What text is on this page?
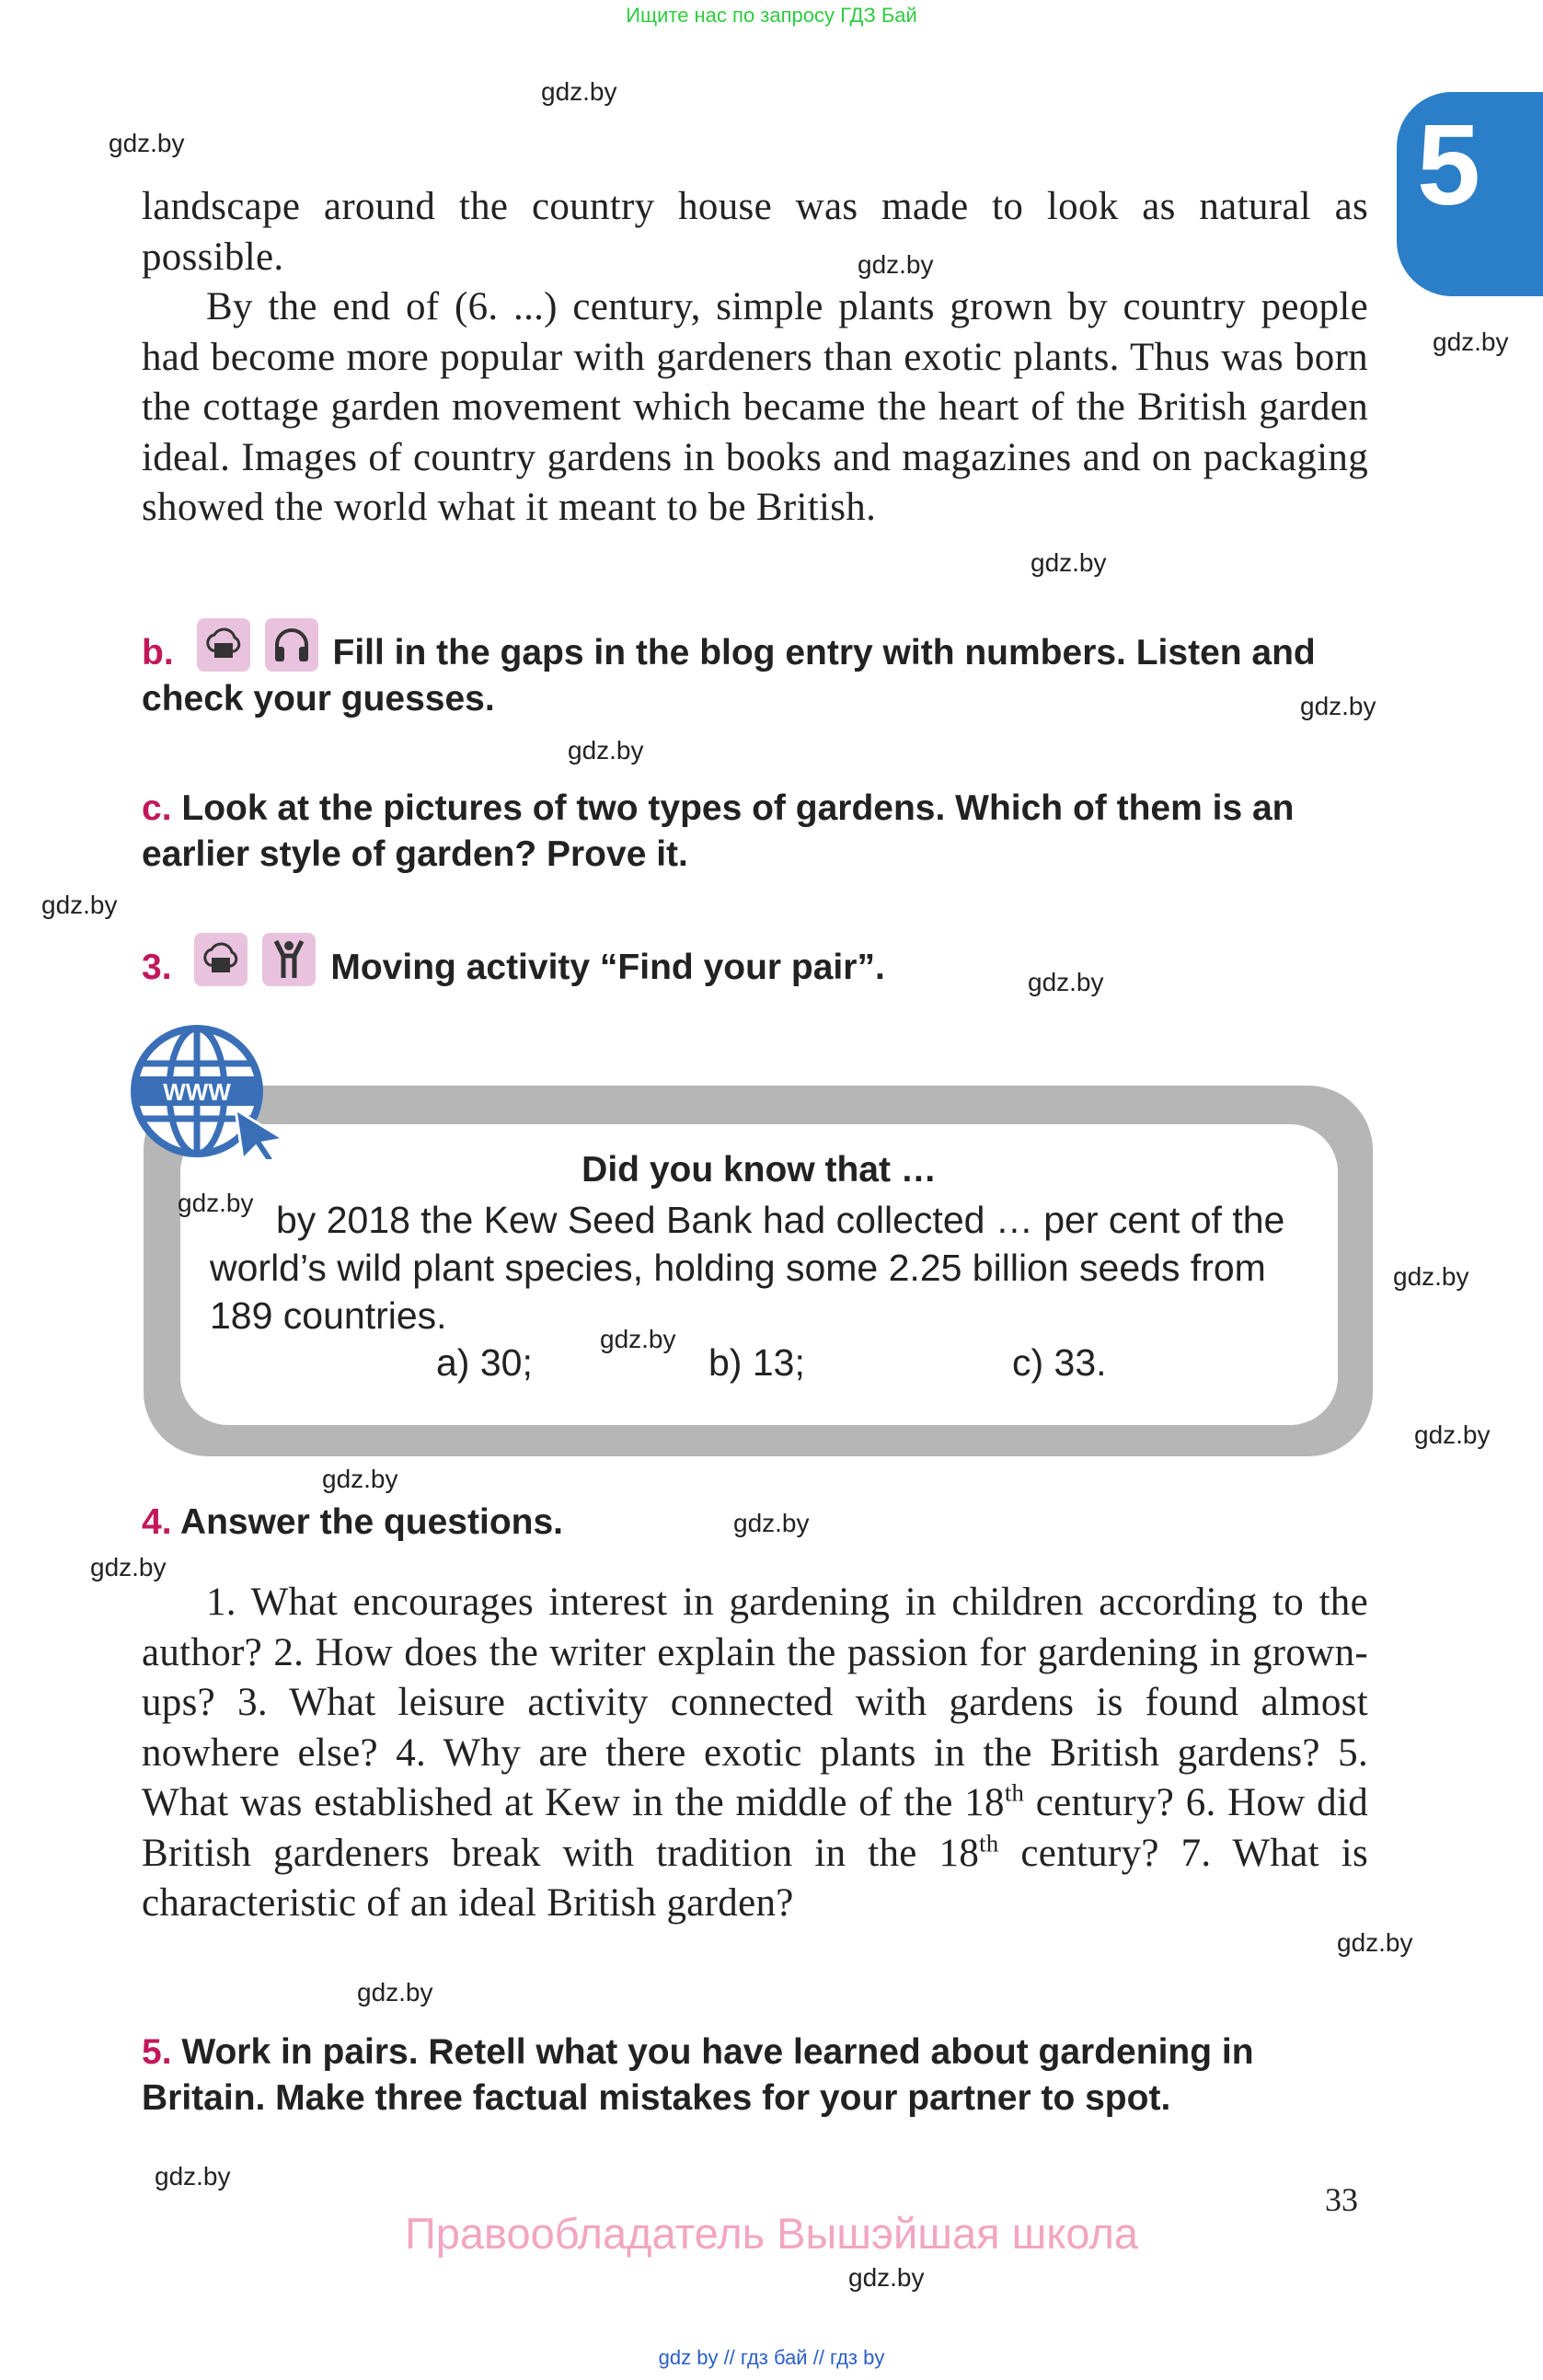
Ищите нас по запросу ГДЗ Бай
5
gdz.by
gdz.by
gdz.by
gdz.by
gdz.by
gdz.by
gdz.by
gdz.by
gdz.by
gdz.by
gdz.by
gdz.by
gdz.by
gdz.by
gdz.by
gdz.by
gdz.by
gdz.by
landscape around the country house was made to look as natural as possible.
By the end of (6. ...) century, simple plants grown by country people had become more popular with gardeners than exotic plants. Thus was born the cottage garden movement which became the heart of the British garden ideal. Images of country gardens in books and magazines and on packaging showed the world what it meant to be British.
b.	Fill in the gaps in the blog entry with numbers. Listen and check your guesses.
c. Look at the pictures of two types of gardens. Which of them is an earlier style of garden? Prove it.
3.	Moving activity “Find your pair”.
WWW
Did you know that …
by 2018 the Kew Seed Bank had collected … per cent of the world’s wild plant species, holding some 2.25 billion seeds from 189 countries.
gdz.by
gdz.by
a) 30;	b) 13;	c) 33.
4. Answer the questions.
1. What encourages interest in gardening in children according to the author? 2. How does the writer explain the passion for gardening in grown-ups? 3. What leisure activity connected with gardens is found almost nowhere else? 4. Why are there exotic plants in the British gardens? 5. What was established at Kew in the middle of the 18th century? 6. How did British gardeners break with tradition in the 18th century? 7. What is characteristic of an ideal British garden?
5. Work in pairs. Retell what you have learned about gardening in Britain. Make three factual mistakes for your partner to spot.
33
Правообладатель Вышэйшая школа
gdz by // гдз бай // гдз by
